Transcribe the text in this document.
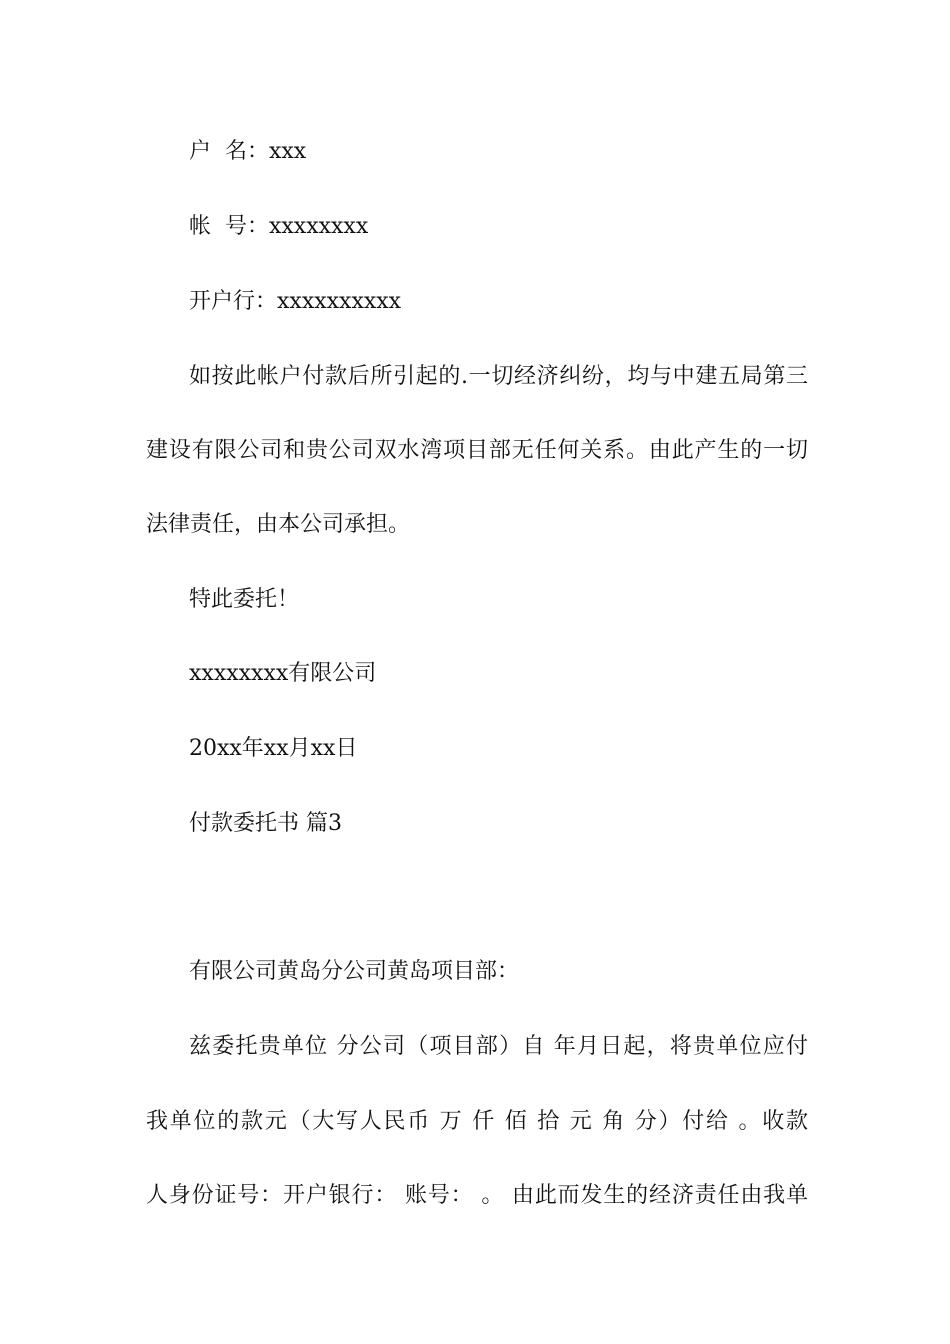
户  名：xxx
帐  号：xxxxxxxx
开户行：xxxxxxxxxx
如按此帐户付款后所引起的.一切经济纠纷，均与中建五局第三
建设有限公司和贵公司双水湾项目部无任何关系。由此产生的一切
法律责任，由本公司承担。
特此委托！
xxxxxxxx有限公司
20xx年xx月xx日
付款委托书 篇3
有限公司黄岛分公司黄岛项目部：
兹委托贵单位 分公司（项目部）自 年月日起，将贵单位应付
我单位的款元（大写人民币 万 仟 佰 拾 元 角 分）付给 。收款
人身份证号：开户银行： 账号： 。 由此而发生的经济责任由我单
